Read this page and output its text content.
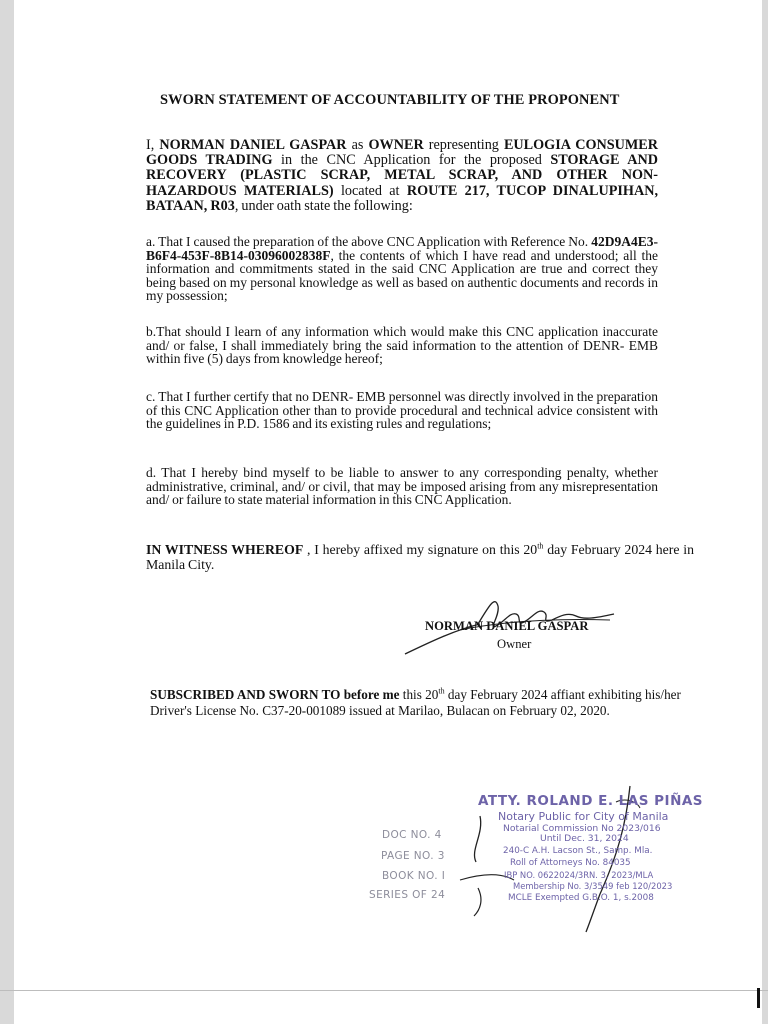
SWORN STATEMENT OF ACCOUNTABILITY OF THE PROPONENT
I, NORMAN DANIEL GASPAR as OWNER representing EULOGIA CONSUMER GOODS TRADING in the CNC Application for the proposed STORAGE AND RECOVERY (PLASTIC SCRAP, METAL SCRAP, AND OTHER NON- HAZARDOUS MATERIALS) located at ROUTE 217, TUCOP DINALUPIHAN, BATAAN, R03, under oath state the following:
a. That I caused the preparation of the above CNC Application with Reference No. 42D9A4E3-B6F4-453F-8B14-03096002838F, the contents of which I have read and understood; all the information and commitments stated in the said CNC Application are true and correct they being based on my personal knowledge as well as based on authentic documents and records in my possession;
b.That should I learn of any information which would make this CNC application inaccurate and/ or false, I shall immediately bring the said information to the attention of DENR- EMB within five (5) days from knowledge hereof;
c. That I further certify that no DENR- EMB personnel was directly involved in the preparation of this CNC Application other than to provide procedural and technical advice consistent with the guidelines in P.D. 1586 and its existing rules and regulations;
d. That I hereby bind myself to be liable to answer to any corresponding penalty, whether administrative, criminal, and/ or civil, that may be imposed arising from any misrepresentation and/ or failure to state material information in this CNC Application.
IN WITNESS WHEREOF , I hereby affixed my signature on this 20th day February 2024 here in Manila City.
NORMAN DANIEL GASPAR
Owner
SUBSCRIBED AND SWORN TO before me this 20th day February 2024 affiant exhibiting his/her Driver's License No. C37-20-001089 issued at Marilao, Bulacan on February 02, 2020.
ATTY. ROLAND E. LAS PIÑAS
Notary Public for City of Manila
Notarial Commission No 2023/016
Until Dec. 31, 2024
240-C A.H. Lacson St., Samp. Mla.
Roll of Attorneys No. 84035
IBP NO. 0622024/3RN. 3, 2023/MLA
Membership No. 3/3549 feb 120/2023
MCLE Exempted G.B.O. 1, s.2008
DOC NO. 4
PAGE NO. 3
BOOK NO. I
SERIES OF 24
